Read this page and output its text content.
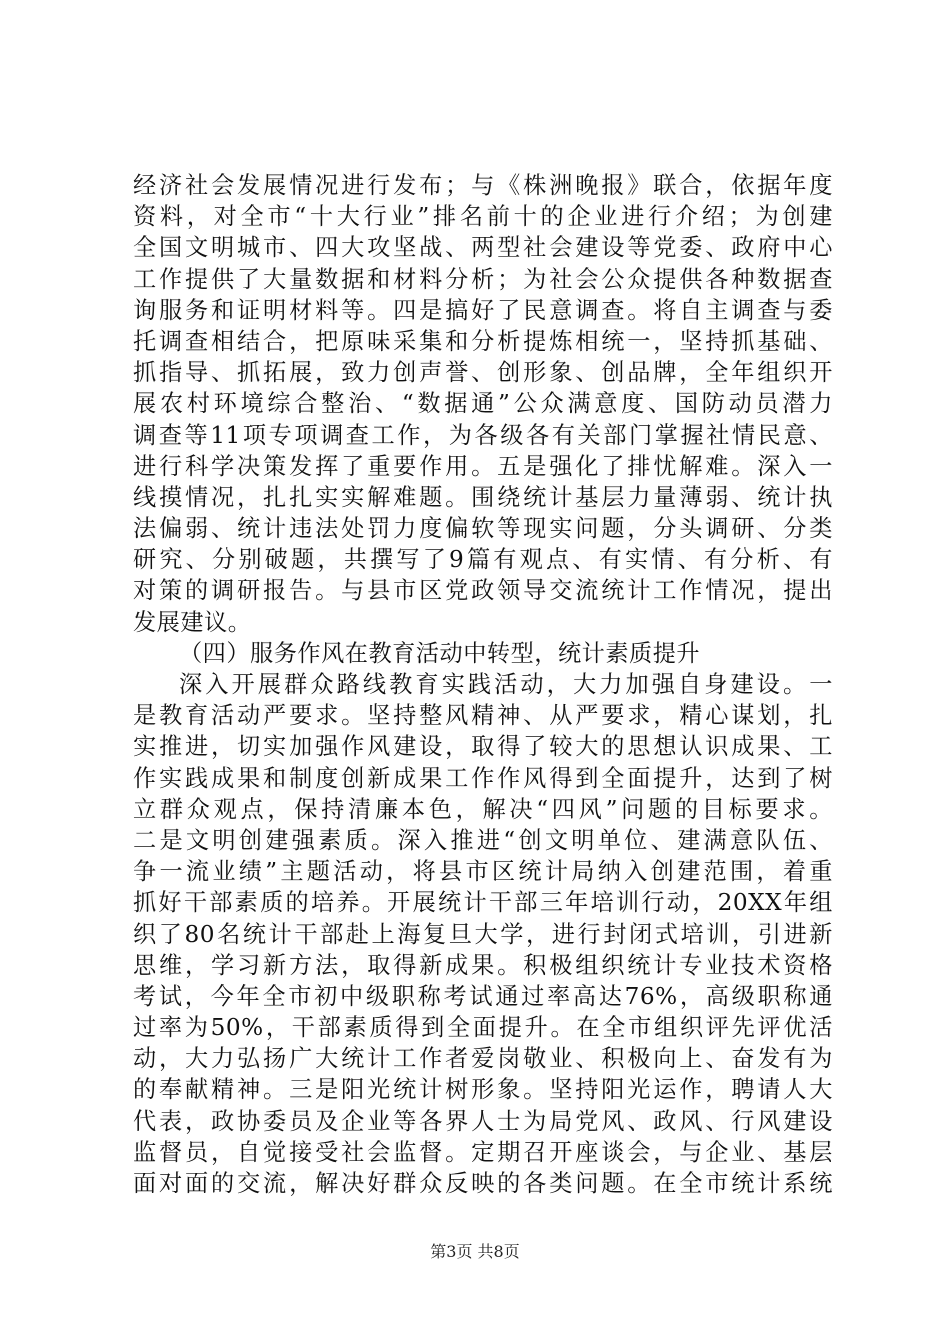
经济社会发展情况进行发布；与《株洲晚报》联合，依据年度
资料，对全市“十大行业”排名前十的企业进行介绍；为创建
全国文明城市、四大攻坚战、两型社会建设等党委、政府中心
工作提供了大量数据和材料分析；为社会公众提供各种数据查
询服务和证明材料等。四是搞好了民意调查。将自主调查与委
托调查相结合，把原味采集和分析提炼相统一，坚持抓基础、
抓指导、抓拓展，致力创声誉、创形象、创品牌，全年组织开
展农村环境综合整治、“数据通”公众满意度、国防动员潜力
调查等11项专项调查工作，为各级各有关部门掌握社情民意、
进行科学决策发挥了重要作用。五是强化了排忧解难。深入一
线摸情况，扎扎实实解难题。围绕统计基层力量薄弱、统计执
法偏弱、统计违法处罚力度偏软等现实问题，分头调研、分类
研究、分别破题，共撰写了9篇有观点、有实情、有分析、有
对策的调研报告。与县市区党政领导交流统计工作情况，提出
发展建议。
（四）服务作风在教育活动中转型，统计素质提升
深入开展群众路线教育实践活动，大力加强自身建设。一
是教育活动严要求。坚持整风精神、从严要求，精心谋划，扎
实推进，切实加强作风建设，取得了较大的思想认识成果、工
作实践成果和制度创新成果工作作风得到全面提升，达到了树
立群众观点，保持清廉本色，解决“四风”问题的目标要求。
二是文明创建强素质。深入推进“创文明单位、建满意队伍、
争一流业绩”主题活动，将县市区统计局纳入创建范围，着重
抓好干部素质的培养。开展统计干部三年培训行动，20XX年组
织了80名统计干部赴上海复旦大学，进行封闭式培训，引进新
思维，学习新方法，取得新成果。积极组织统计专业技术资格
考试，今年全市初中级职称考试通过率高达76%，高级职称通
过率为50%，干部素质得到全面提升。在全市组织评先评优活
动，大力弘扬广大统计工作者爱岗敬业、积极向上、奋发有为
的奉献精神。三是阳光统计树形象。坚持阳光运作，聘请人大
代表，政协委员及企业等各界人士为局党风、政风、行风建设
监督员，自觉接受社会监督。定期召开座谈会，与企业、基层
面对面的交流，解决好群众反映的各类问题。在全市统计系统
第3页 共8页
